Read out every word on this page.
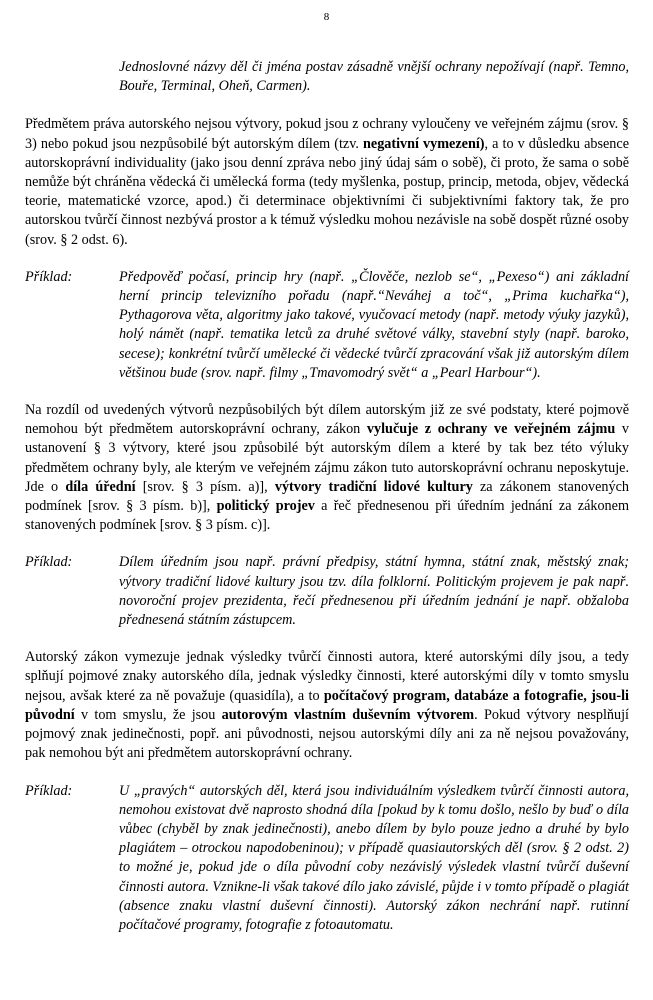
8

Jednoslovné názvy děl či jména postav zásadně vnější ochrany nepožívají (např. Temno, Bouře, Terminal, Oheň, Carmen).

Předmětem práva autorského nejsou výtvory, pokud jsou z ochrany vyloučeny ve veřejném zájmu (srov. § 3) nebo pokud jsou nezpůsobilé být autorským dílem (tzv. negativní vymezení), a to v důsledku absence autorskoprávní individuality (jako jsou denní zpráva nebo jiný údaj sám o sobě), či proto, že sama o sobě nemůže být chráněna vědecká či umělecká forma (tedy myšlenka, postup, princip, metoda, objev, vědecká teorie, matematické vzorce, apod.) či determinace objektivními či subjektivními faktory tak, že pro autorskou tvůrčí činnost nezbývá prostor a k témuž výsledku mohou nezávisle na sobě dospět různé osoby (srov. § 2 odst. 6).

Příklad:	Předpověď počasí, princip hry (např. „Člověče, nezlob se“, „Pexeso“) ani základní herní princip televizního pořadu (např.“Neváhej a toč“, „Prima kuchařka“), Pythagorova věta, algoritmy jako takové, vyučovací metody (např. metody výuky jazyků), holý námět (např. tematika letců za druhé světové války, stavební styly (např. baroko, secese); konkrétní tvůrčí umělecké či vědecké tvůrčí zpracování však již autorským dílem většinou bude (srov. např. filmy „Tmavomodrý svět“ a „Pearl Harbour“).

Na rozdíl od uvedených výtvorů nezpůsobilých být dílem autorským již ze své podstaty, které pojmově nemohou být předmětem autorskoprávní ochrany, zákon vylučuje z ochrany ve veřejném zájmu v ustanovení § 3 výtvory, které jsou způsobilé být autorským dílem a které by tak bez této výluky předmětem ochrany byly, ale kterým ve veřejném zájmu zákon tuto autorskoprávní ochranu neposkytuje. Jde o díla úřední [srov. § 3 písm. a)], výtvory tradiční lidové kultury za zákonem stanovených podmínek [srov. § 3 písm. b)], politický projev a řeč přednesenou při úředním jednání za zákonem stanovených podmínek [srov. § 3 písm. c)].

Příklad:	Dílem úředním jsou např. právní předpisy, státní hymna, státní znak, městský znak; výtvory tradiční lidové kultury jsou tzv. díla folklorní. Politickým projevem je pak např. novoroční projev prezidenta, řečí přednesenou při úředním jednání je např. obžaloba přednesená státním zástupcem.

Autorský zákon vymezuje jednak výsledky tvůrčí činnosti autora, které autorskými díly jsou, a tedy splňují pojmové znaky autorského díla, jednak výsledky činnosti, které autorskými díly v tomto smyslu nejsou, avšak které za ně považuje (quasidíla), a to počítačový program, databáze a fotografie, jsou-li původní v tom smyslu, že jsou autorovým vlastním duševním výtvorem. Pokud výtvory nesplňují pojmový znak jedinečnosti, popř. ani původnosti, nejsou autorskými díly ani za ně nejsou považovány, pak nemohou být ani předmětem autorskoprávní ochrany.

Příklad:	U „pravých“ autorských děl, která jsou individuálním výsledkem tvůrčí činnosti autora, nemohou existovat dvě naprosto shodná díla [pokud by k tomu došlo, nešlo by buď o díla vůbec (chyběl by znak jedinečnosti), anebo dílem by bylo pouze jedno a druhé by bylo plagiátem – otrockou napodobeninou); v případě quasiautorských děl (srov. § 2 odst. 2) to možné je, pokud jde o díla původní coby nezávislý výsledek vlastní tvůrčí duševní činnosti autora. Vznikne-li však takové dílo jako závislé, půjde i v tomto případě o plagiát (absence znaku vlastní duševní činnosti). Autorský zákon nechrání např. rutinní počítačové programy, fotografie z fotoautomatu.
